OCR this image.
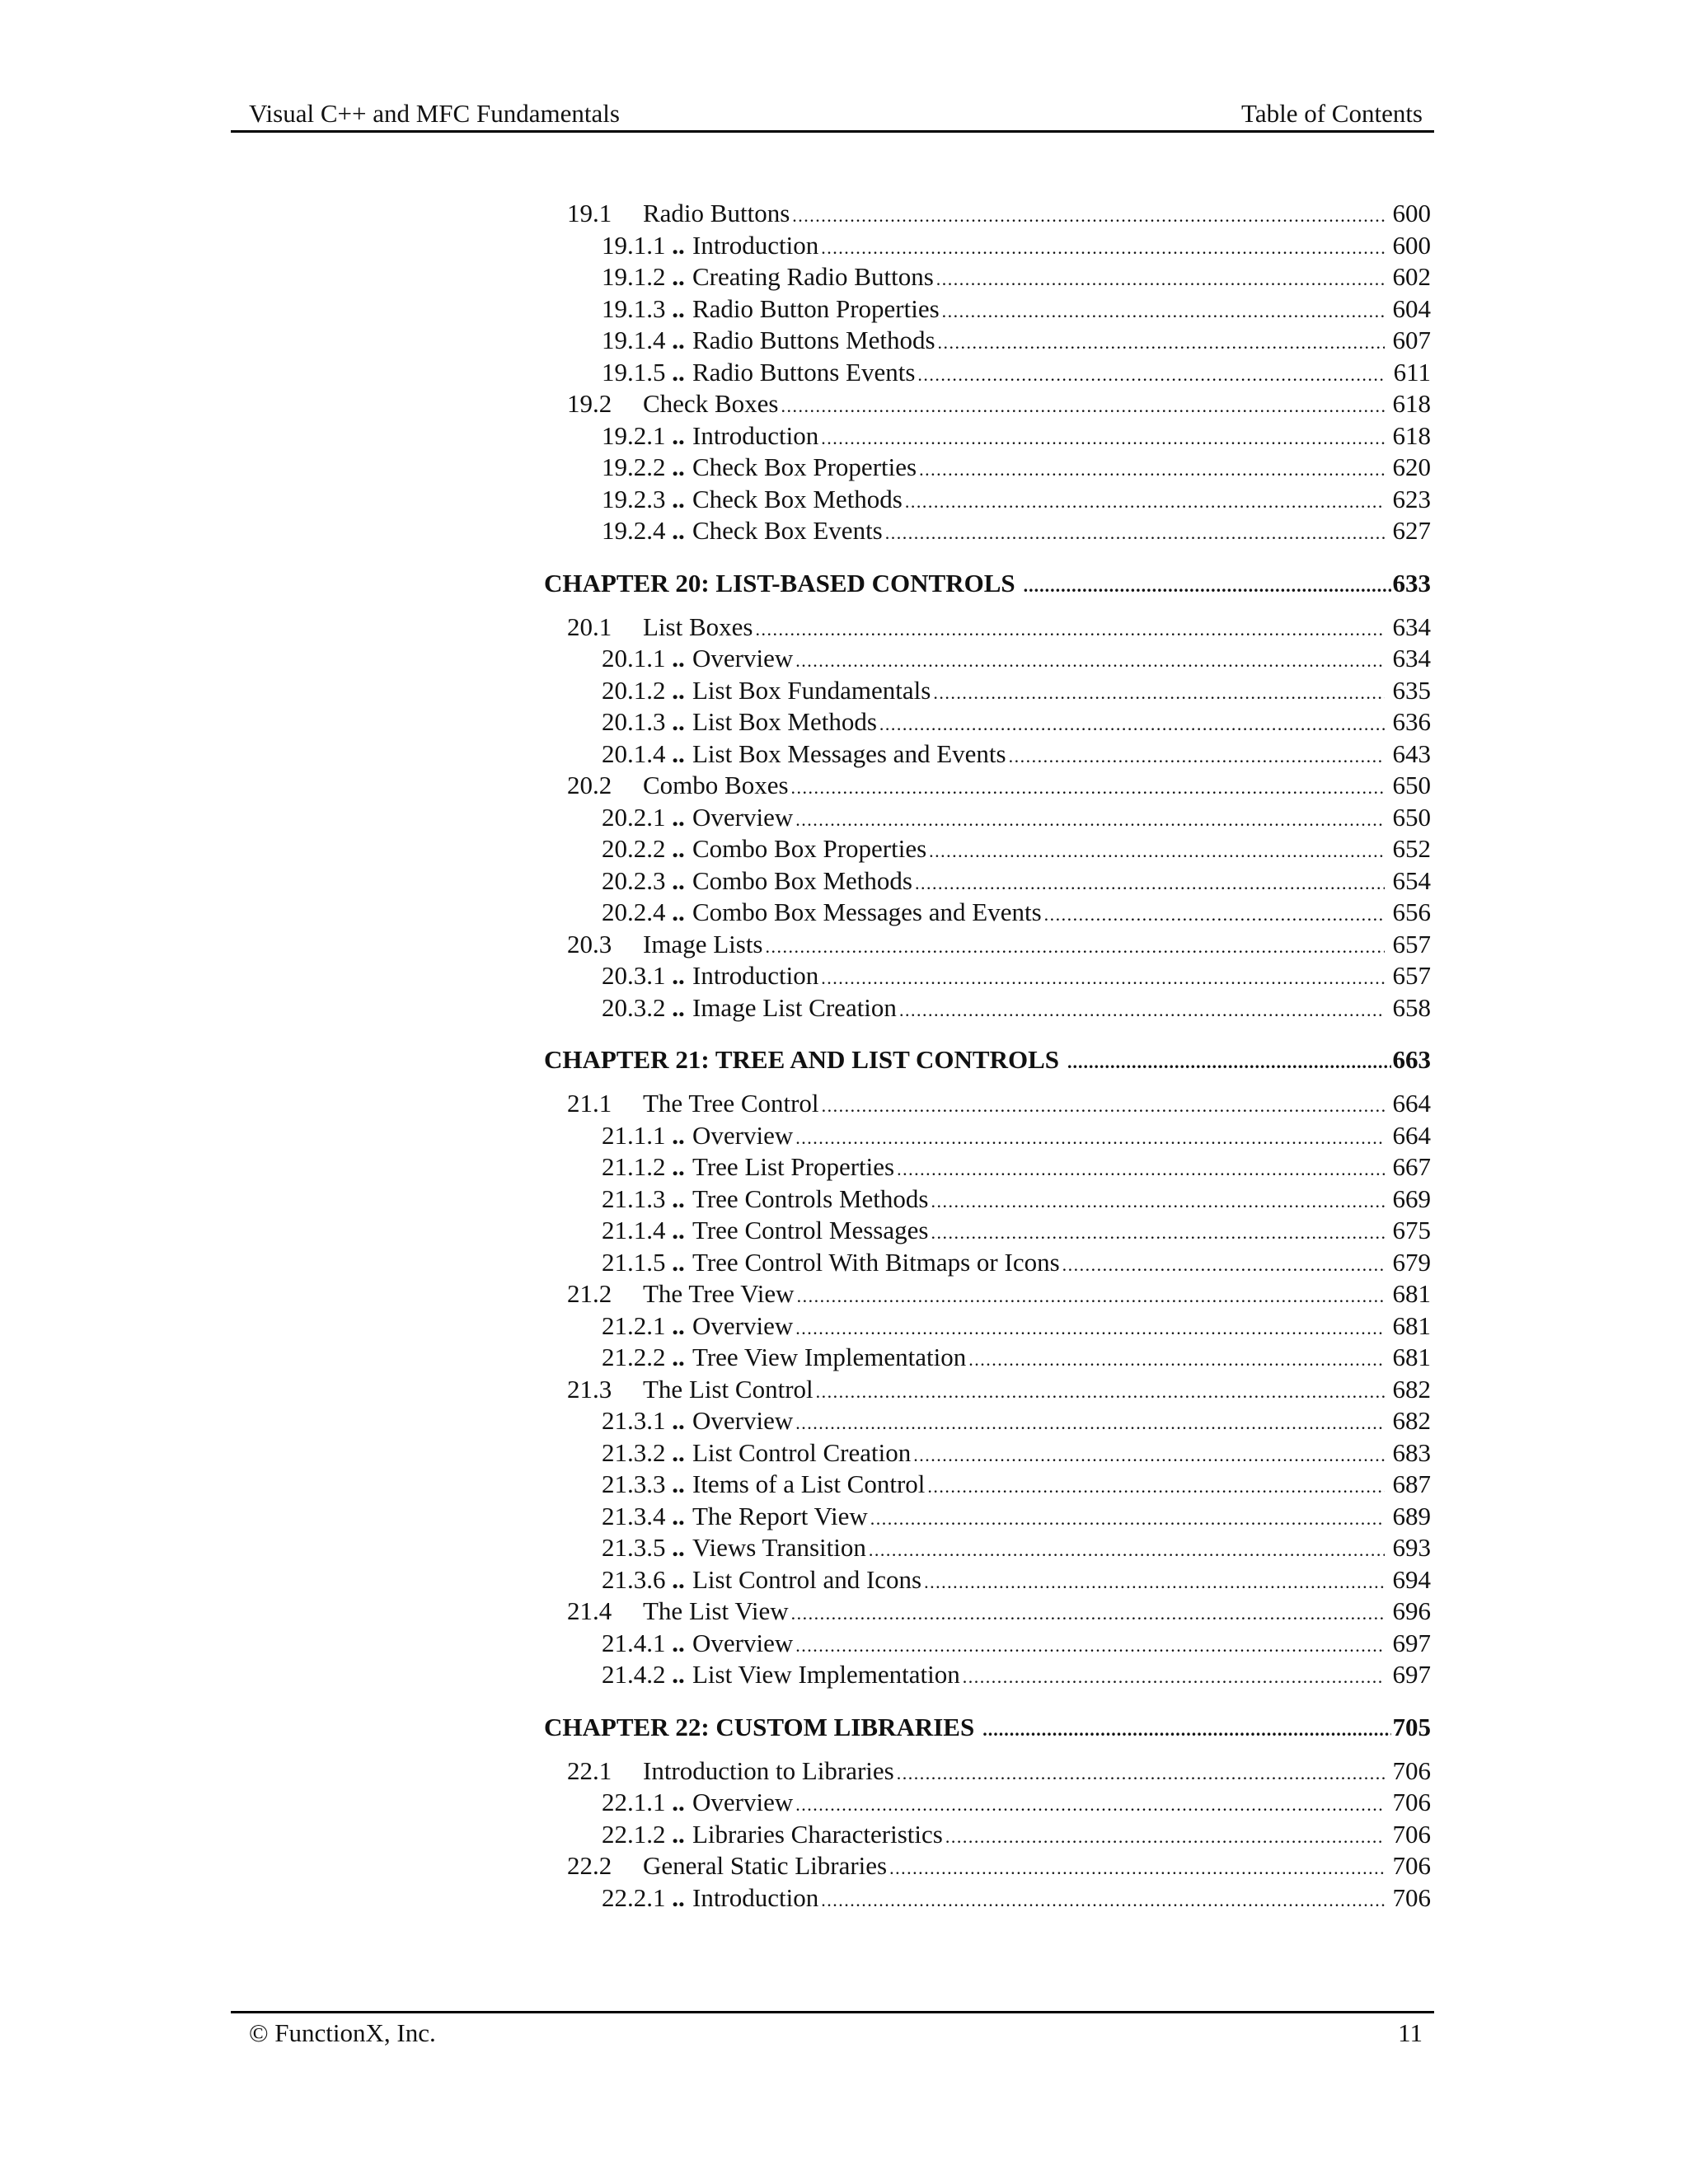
Visual C++ and MFC Fundamentals	Table of Contents
19.1 Radio Buttons . . .	600
19.1.1 ..	Introduction . . .	600
19.1.2 ..	Creating Radio Buttons . . .	602
19.1.3 ..	Radio Button Properties . . .	604
19.1.4 ..	Radio Buttons Methods . . .	607
19.1.5 ..	Radio Buttons Events . . .	611
19.2 Check Boxes . . .	618
19.2.1 ..	Introduction . . .	618
19.2.2 ..	Check Box Properties . . .	620
19.2.3 ..	Check Box Methods . . .	623
19.2.4 ..	Check Box Events . . .	627
CHAPTER 20: LIST-BASED CONTROLS .....	633
20.1 List Boxes . . .	634
20.1.1 ..	Overview . . .	634
20.1.2 ..	List Box Fundamentals . . .	635
20.1.3 ..	List Box Methods . . .	636
20.1.4 ..	List Box Messages and Events . . .	643
20.2 Combo Boxes . . .	650
20.2.1 ..	Overview . . .	650
20.2.2 ..	Combo Box Properties . . .	652
20.2.3 ..	Combo Box Methods . . .	654
20.2.4 ..	Combo Box Messages and Events . . .	656
20.3 Image Lists . . .	657
20.3.1 ..	Introduction . . .	657
20.3.2 ..	Image List Creation . . .	658
CHAPTER 21: TREE AND LIST CONTROLS .....	663
21.1 The Tree Control . . .	664
21.1.1 ..	Overview . . .	664
21.1.2 ..	Tree List Properties . . .	667
21.1.3 ..	Tree Controls Methods . . .	669
21.1.4 ..	Tree Control Messages . . .	675
21.1.5 ..	Tree Control With Bitmaps or Icons . . .	679
21.2 The Tree View . . .	681
21.2.1 ..	Overview . . .	681
21.2.2 ..	Tree View Implementation . . .	681
21.3 The List Control . . .	682
21.3.1 ..	Overview . . .	682
21.3.2 ..	List Control Creation . . .	683
21.3.3 ..	Items of a List Control . . .	687
21.3.4 ..	The Report View . . .	689
21.3.5 ..	Views Transition . . .	693
21.3.6 ..	List Control and Icons . . .	694
21.4 The List View . . .	696
21.4.1 ..	Overview . . .	697
21.4.2 ..	List View Implementation . . .	697
CHAPTER 22: CUSTOM LIBRARIES .....	705
22.1 Introduction to Libraries . . .	706
22.1.1 ..	Overview . . .	706
22.1.2 ..	Libraries Characteristics . . .	706
22.2 General Static Libraries . . .	706
22.2.1 ..	Introduction . . .	706
© FunctionX, Inc.	11
